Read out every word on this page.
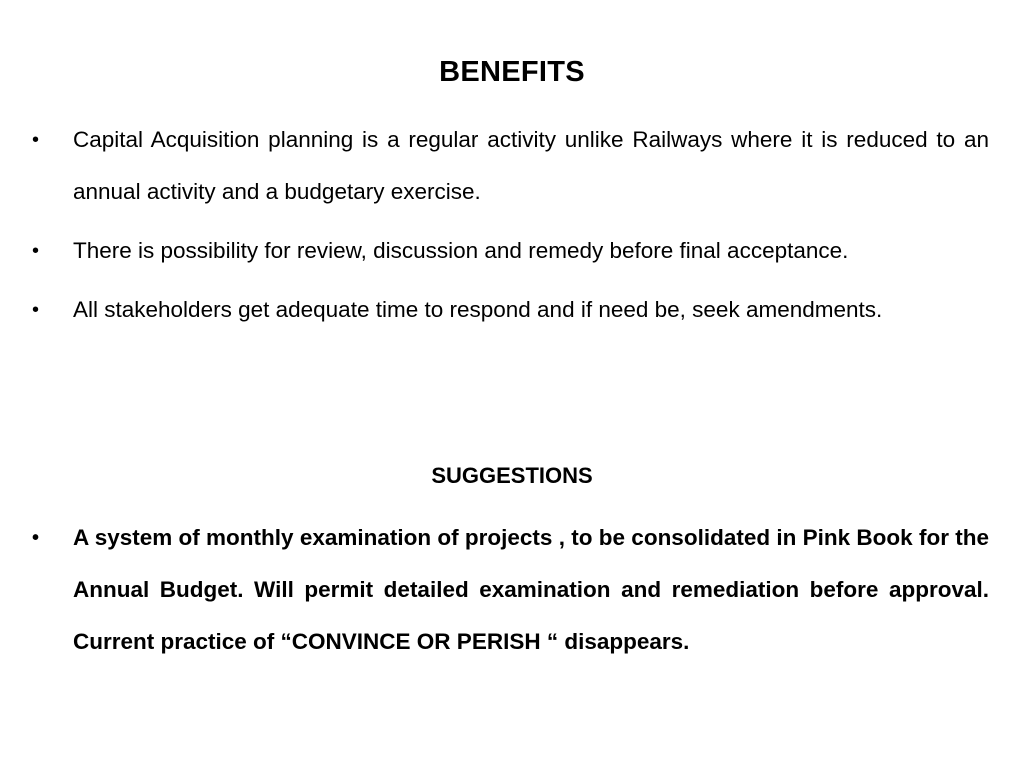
BENEFITS
• Capital Acquisition planning is a regular activity unlike Railways where it is reduced to an annual activity and a budgetary exercise.
• There is possibility for review, discussion and remedy before final acceptance.
• All stakeholders get adequate time to respond and if need be, seek amendments.
SUGGESTIONS
• A system of monthly examination of projects , to be consolidated in Pink Book for the Annual Budget. Will permit detailed examination and remediation before approval. Current practice of “CONVINCE OR PERISH “ disappears.
